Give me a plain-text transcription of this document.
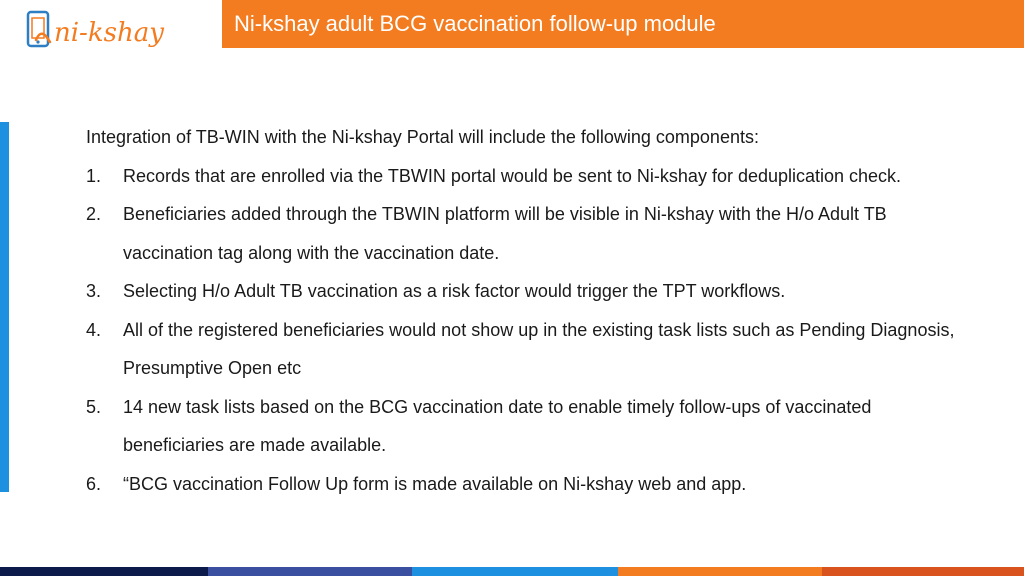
ni-kshay	Ni-kshay adult BCG vaccination follow-up module

Integration of TB-WIN with the Ni-kshay Portal will include the following components:

1. Records that are enrolled via the TBWIN portal would be sent to Ni-kshay for deduplication check.
2. Beneficiaries added through the TBWIN platform will be visible in Ni-kshay with the H/o Adult TB vaccination tag along with the vaccination date.
3. Selecting H/o Adult TB vaccination as a risk factor would trigger the TPT workflows.
4. All of the registered beneficiaries would not show up in the existing task lists such as Pending Diagnosis, Presumptive Open etc
5. 14 new task lists based on the BCG vaccination date to enable timely follow-ups of vaccinated beneficiaries are made available.
6. “BCG vaccination Follow Up form is made available on Ni-kshay web and app.
